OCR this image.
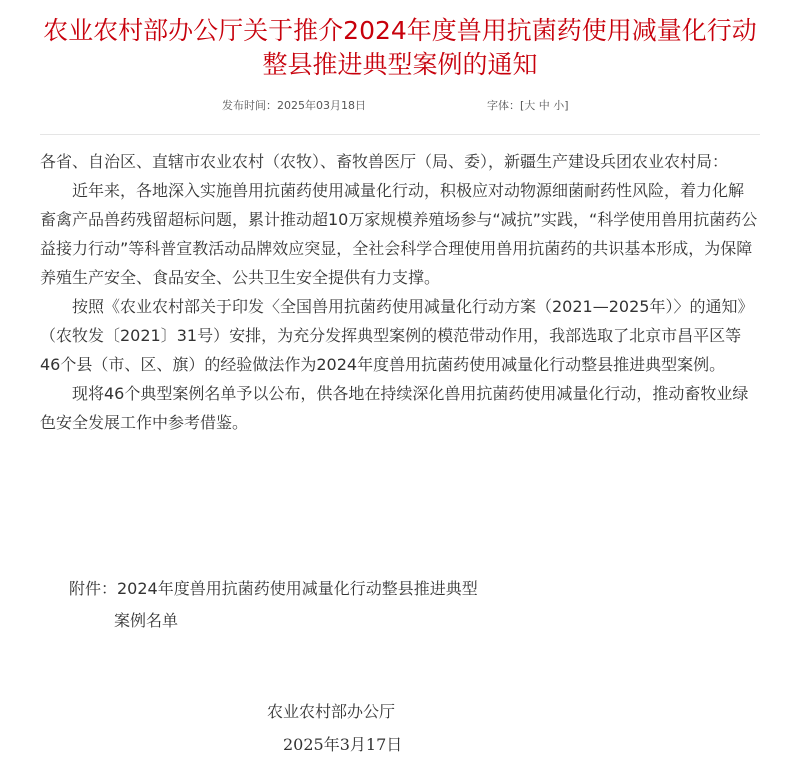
农业农村部办公厅关于推介2024年度兽用抗菌药使用减量化行动
整县推进典型案例的通知
发布时间：2025年03月18日	字体：[大 中 小]

各省、自治区、直辖市农业农村（农牧）、畜牧兽医厅（局、委），新疆生产建设兵团农业农村局：

近年来，各地深入实施兽用抗菌药使用减量化行动，积极应对动物源细菌耐药性风险，着力化解畜禽产品兽药残留超标问题，累计推动超10万家规模养殖场参与“减抗”实践，“科学使用兽用抗菌药公益接力行动”等科普宣教活动品牌效应突显，全社会科学合理使用兽用抗菌药的共识基本形成，为保障养殖生产安全、食品安全、公共卫生安全提供有力支撑。

按照《农业农村部关于印发〈全国兽用抗菌药使用减量化行动方案（2021—2025年）〉的通知》（农牧发〔2021〕31号）安排，为充分发挥典型案例的模范带动作用，我部选取了北京市昌平区等46个县（市、区、旗）的经验做法作为2024年度兽用抗菌药使用减量化行动整县推进典型案例。

现将46个典型案例名单予以公布，供各地在持续深化兽用抗菌药使用减量化行动，推动畜牧业绿色安全发展工作中参考借鉴。

附件：2024年度兽用抗菌药使用减量化行动整县推进典型
案例名单
农业农村部办公厅
2025年3月17日
